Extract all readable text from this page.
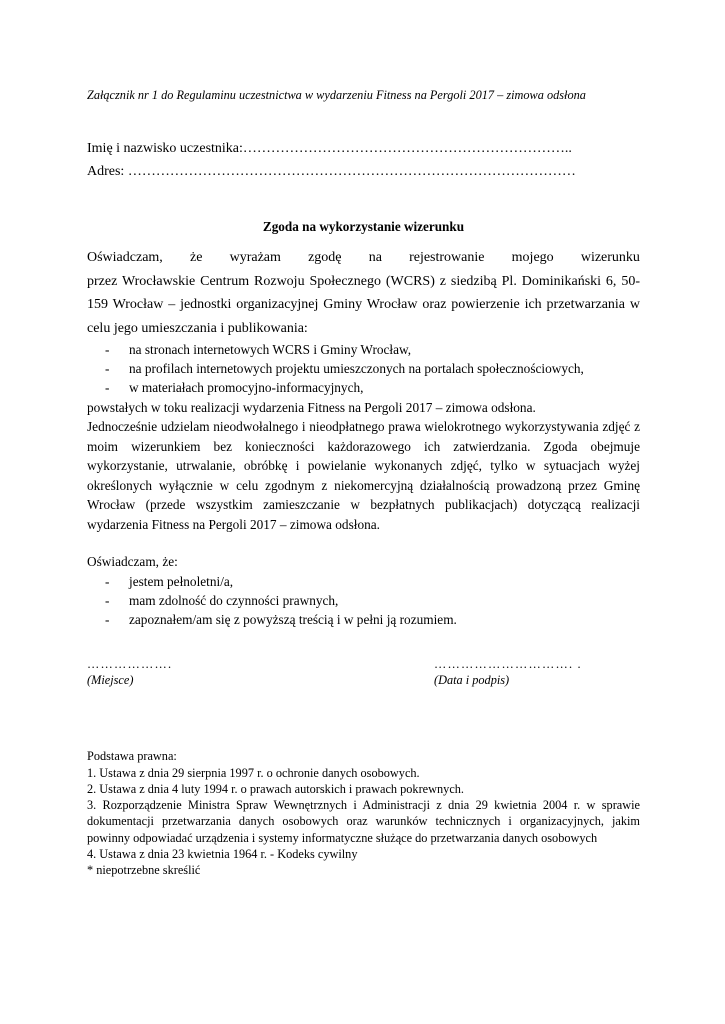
Załącznik nr 1 do Regulaminu uczestnictwa w wydarzeniu Fitness na Pergoli 2017 – zimowa odsłona

Imię i nazwisko uczestnika:……………………………………………………………..

Adres: ……………………………………………………………………………………

Zgoda na wykorzystanie wizerunku

Oświadczam, że wyrażam zgodę na rejestrowanie mojego wizerunku

przez Wrocławskie Centrum Rozwoju Społecznego (WCRS) z siedzibą Pl. Dominikański 6, 50-159 Wrocław – jednostki organizacyjnej Gminy Wrocław oraz powierzenie ich przetwarzania w celu jego umieszczania i publikowania:

- na stronach internetowych WCRS i Gminy Wrocław,
- na profilach internetowych projektu umieszczonych na portalach społecznościowych,
- w materiałach promocyjno-informacyjnych,

powstałych w toku realizacji wydarzenia Fitness na Pergoli 2017 – zimowa odsłona.

Jednocześnie udzielam nieodwołalnego i nieodpłatnego prawa wielokrotnego wykorzystywania zdjęć z moim wizerunkiem bez konieczności każdorazowego ich zatwierdzania. Zgoda obejmuje wykorzystanie, utrwalanie, obróbkę i powielanie wykonanych zdjęć, tylko w sytuacjach wyżej określonych wyłącznie w celu zgodnym z niekomercyjną działalnością prowadzoną przez Gminę Wrocław (przede wszystkim zamieszczanie w bezpłatnych publikacjach) dotyczącą realizacji wydarzenia Fitness na Pergoli 2017 – zimowa odsłona.

Oświadczam, że:

- jestem pełnoletni/a,
- mam zdolność do czynności prawnych,
- zapoznałem/am się z powyższą treścią i w pełni ją rozumiem.
……………….
(Miejsce)
…………………………. .
(Data i podpis)

Podstawa prawna:

1. Ustawa z dnia 29 sierpnia 1997 r. o ochronie danych osobowych.

2. Ustawa z dnia 4 luty 1994 r. o prawach autorskich i prawach pokrewnych.

3. Rozporządzenie Ministra Spraw Wewnętrznych i Administracji z dnia 29 kwietnia 2004 r. w sprawie dokumentacji przetwarzania danych osobowych oraz warunków technicznych i organizacyjnych, jakim powinny odpowiadać urządzenia i systemy informatyczne służące do przetwarzania danych osobowych

4. Ustawa z dnia 23 kwietnia 1964 r. - Kodeks cywilny

* niepotrzebne skreślić
